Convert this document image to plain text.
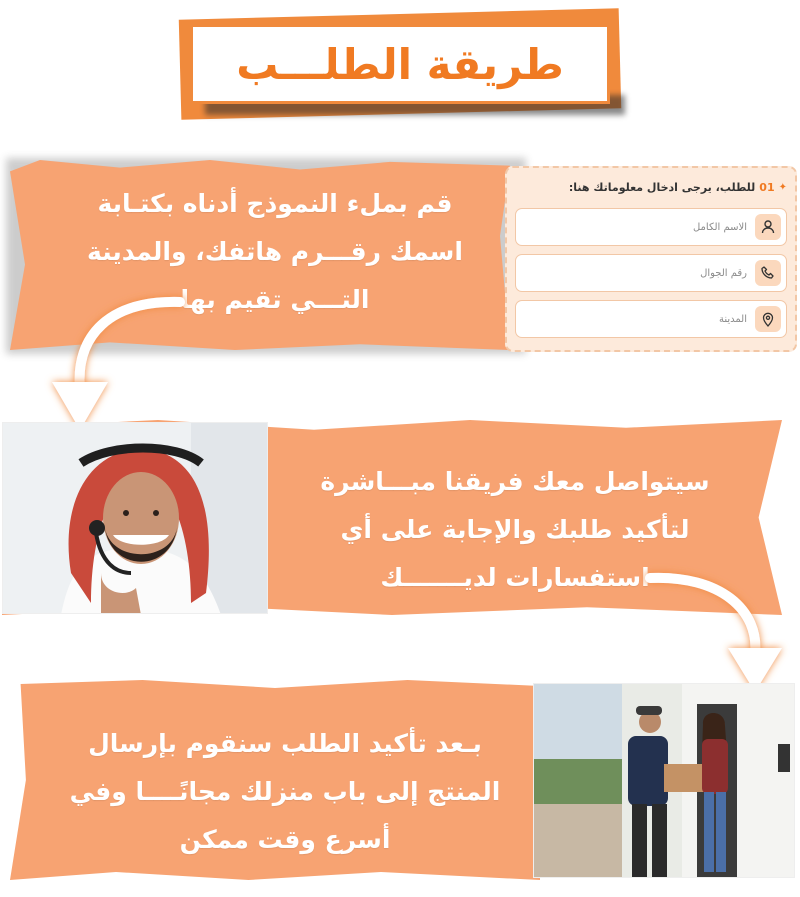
طريقة الطلـــب
قم بملء النموذج أدناه بكتـابة
اسمك رقـــرم هاتفك، والمدينة
التـــي تقيم بها
✦
01
للطلب، يرجى ادخال معلوماتك هنا:
الاسم الكامل
رقم الجوال
المدينة
سيتواصل معك فريقنا مبـــاشرة
لتأكيد طلبك والإجابة على أي
استفسارات لديـــــــك
بـعد تأكيد الطلب سنقوم بإرسال
المنتج إلى باب منزلك مجانًــــا وفي
أسرع وقت ممكن
